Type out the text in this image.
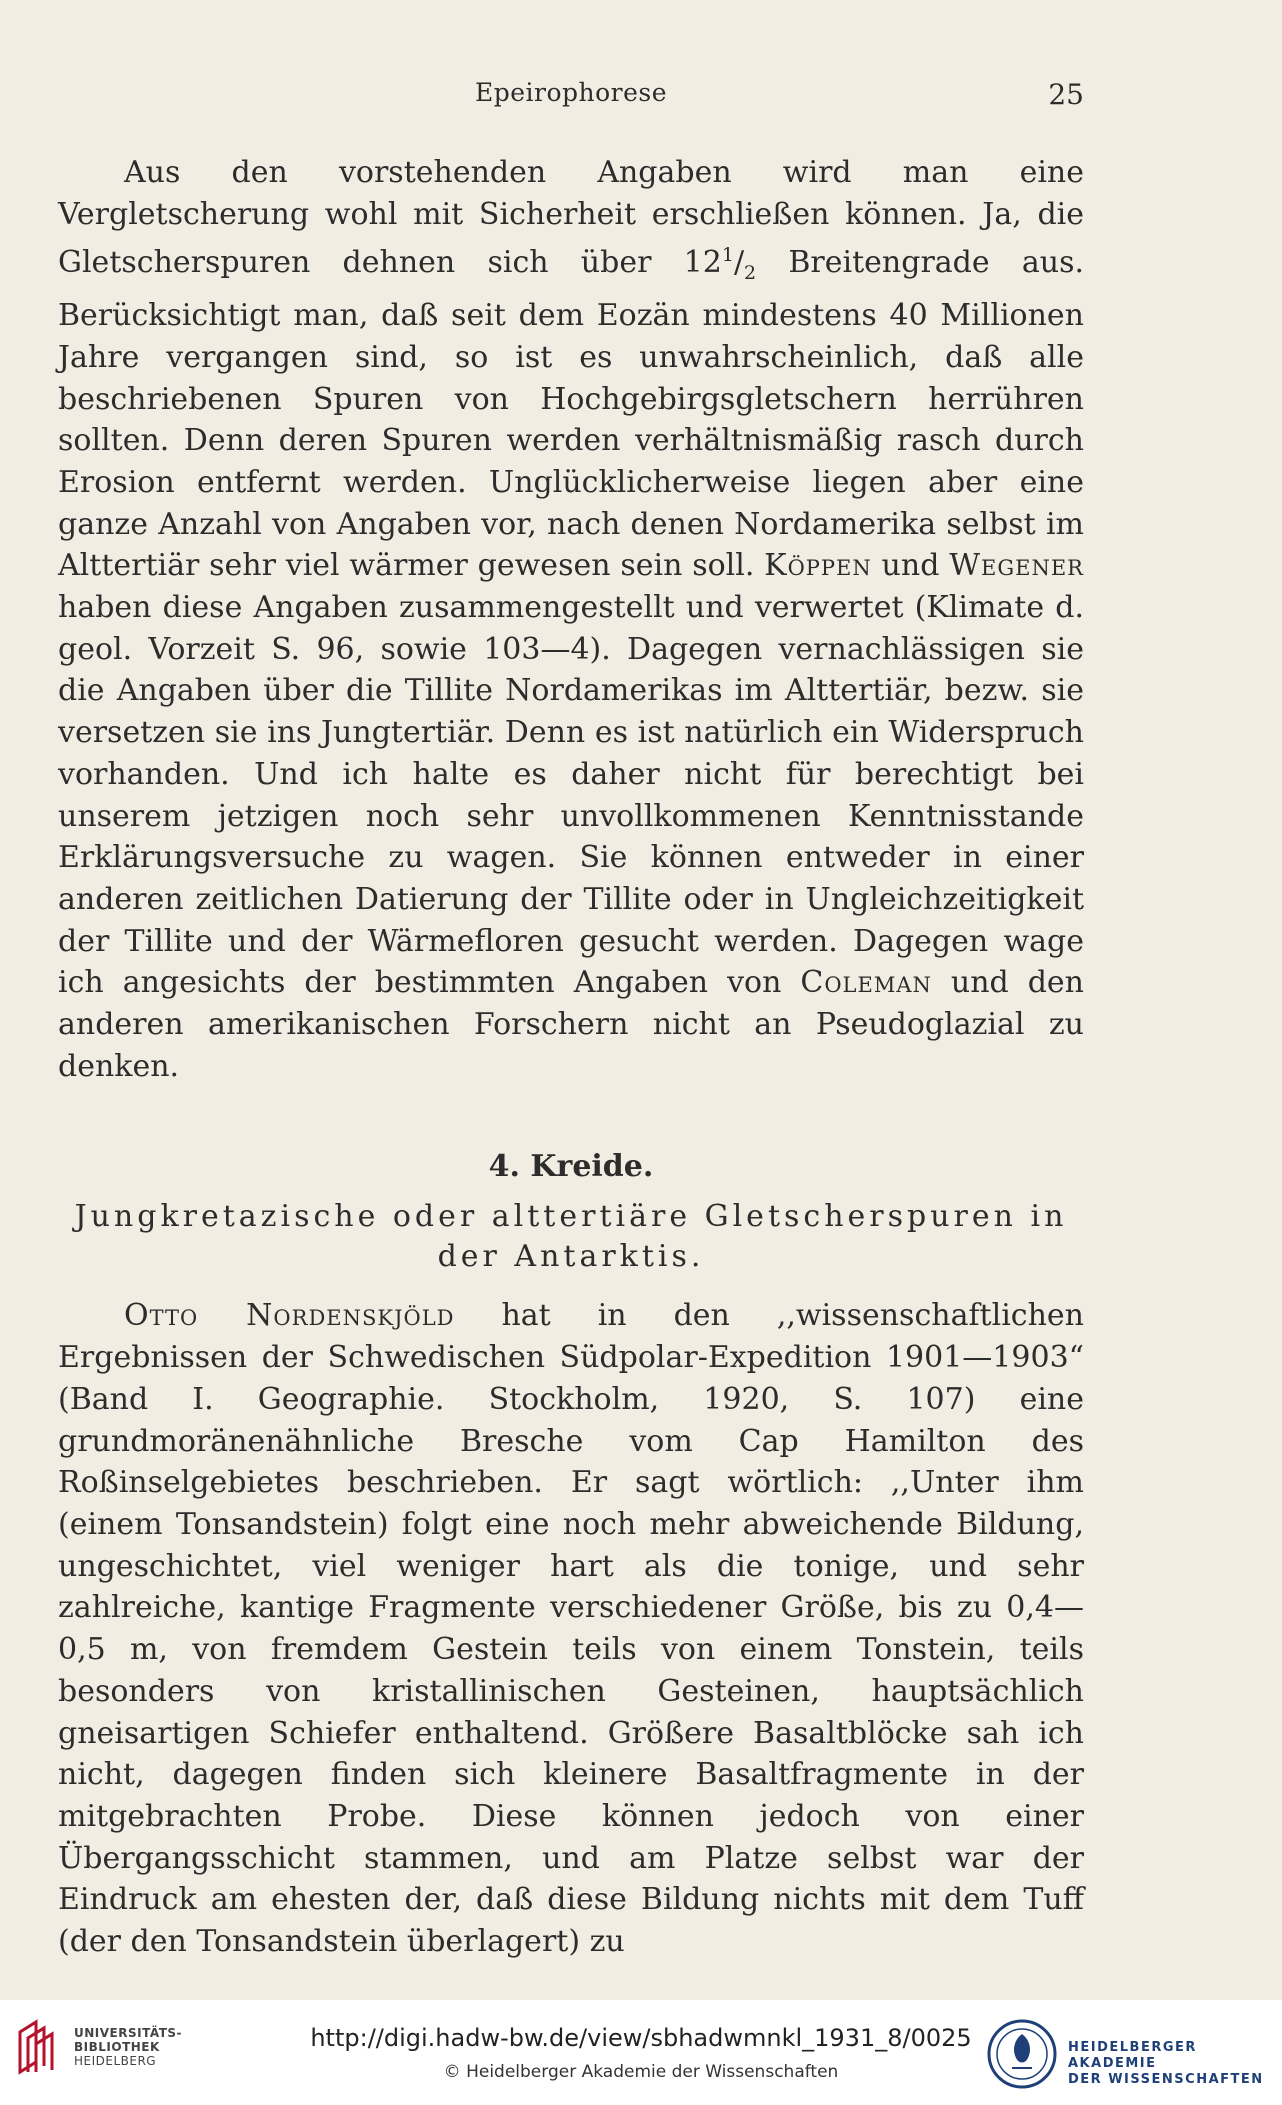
Epeirophorese	25

Aus den vorstehenden Angaben wird man eine Vergletscherung wohl mit Sicherheit erschließen können. Ja, die Gletscherspuren dehnen sich über $12^1/_2$ Breitengrade aus. Berücksichtigt man, daß seit dem Eozän mindestens 40 Millionen Jahre vergangen sind, so ist es unwahrscheinlich, daß alle beschriebenen Spuren von Hochgebirgsgletschern herrühren sollten. Denn deren Spuren werden verhältnismäßig rasch durch Erosion entfernt werden. Unglücklicherweise liegen aber eine ganze Anzahl von Angaben vor, nach denen Nordamerika selbst im Alttertiär sehr viel wärmer gewesen sein soll. Köppen und Wegener haben diese Angaben zusammengestellt und verwertet (Klimate d. geol. Vorzeit S. 96, sowie 103—4). Dagegen vernachlässigen sie die Angaben über die Tillite Nordamerikas im Alttertiär, bezw. sie versetzen sie ins Jungtertiär. Denn es ist natürlich ein Widerspruch vorhanden. Und ich halte es daher nicht für berechtigt bei unserem jetzigen noch sehr unvollkommenen Kenntnisstande Erklärungsversuche zu wagen. Sie können entweder in einer anderen zeitlichen Datierung der Tillite oder in Ungleichzeitigkeit der Tillite und der Wärmefloren gesucht werden. Dagegen wage ich angesichts der bestimmten Angaben von Coleman und den anderen amerikanischen Forschern nicht an Pseudoglazial zu denken.

4. Kreide.
Jungkretazische oder alttertiäre Gletscherspuren in der Antarktis.

Otto Nordenskjöld hat in den ,,wissenschaftlichen Ergebnissen der Schwedischen Südpolar-Expedition 1901—1903“ (Band I. Geographie. Stockholm, 1920, S. 107) eine grundmoränenähnliche Bresche vom Cap Hamilton des Roßinselgebietes beschrieben. Er sagt wörtlich: ,,Unter ihm (einem Tonsandstein) folgt eine noch mehr abweichende Bildung, ungeschichtet, viel weniger hart als die tonige, und sehr zahlreiche, kantige Fragmente verschiedener Größe, bis zu 0,4—0,5 m, von fremdem Gestein teils von einem Tonstein, teils besonders von kristallinischen Gesteinen, hauptsächlich gneisartigen Schiefer enthaltend. Größere Basaltblöcke sah ich nicht, dagegen finden sich kleinere Basaltfragmente in der mitgebrachten Probe. Diese können jedoch von einer Übergangsschicht stammen, und am Platze selbst war der Eindruck am ehesten der, daß diese Bildung nichts mit dem Tuff (der den Tonsandstein überlagert) zu

UNIVERSITÄTS-
BIBLIOTHEK
HEIDELBERG
http://digi.hadw-bw.de/view/sbhadwmnkl_1931_8/0025
© Heidelberger Akademie der Wissenschaften
HEIDELBERGER AKADEMIE
DER WISSENSCHAFTEN
